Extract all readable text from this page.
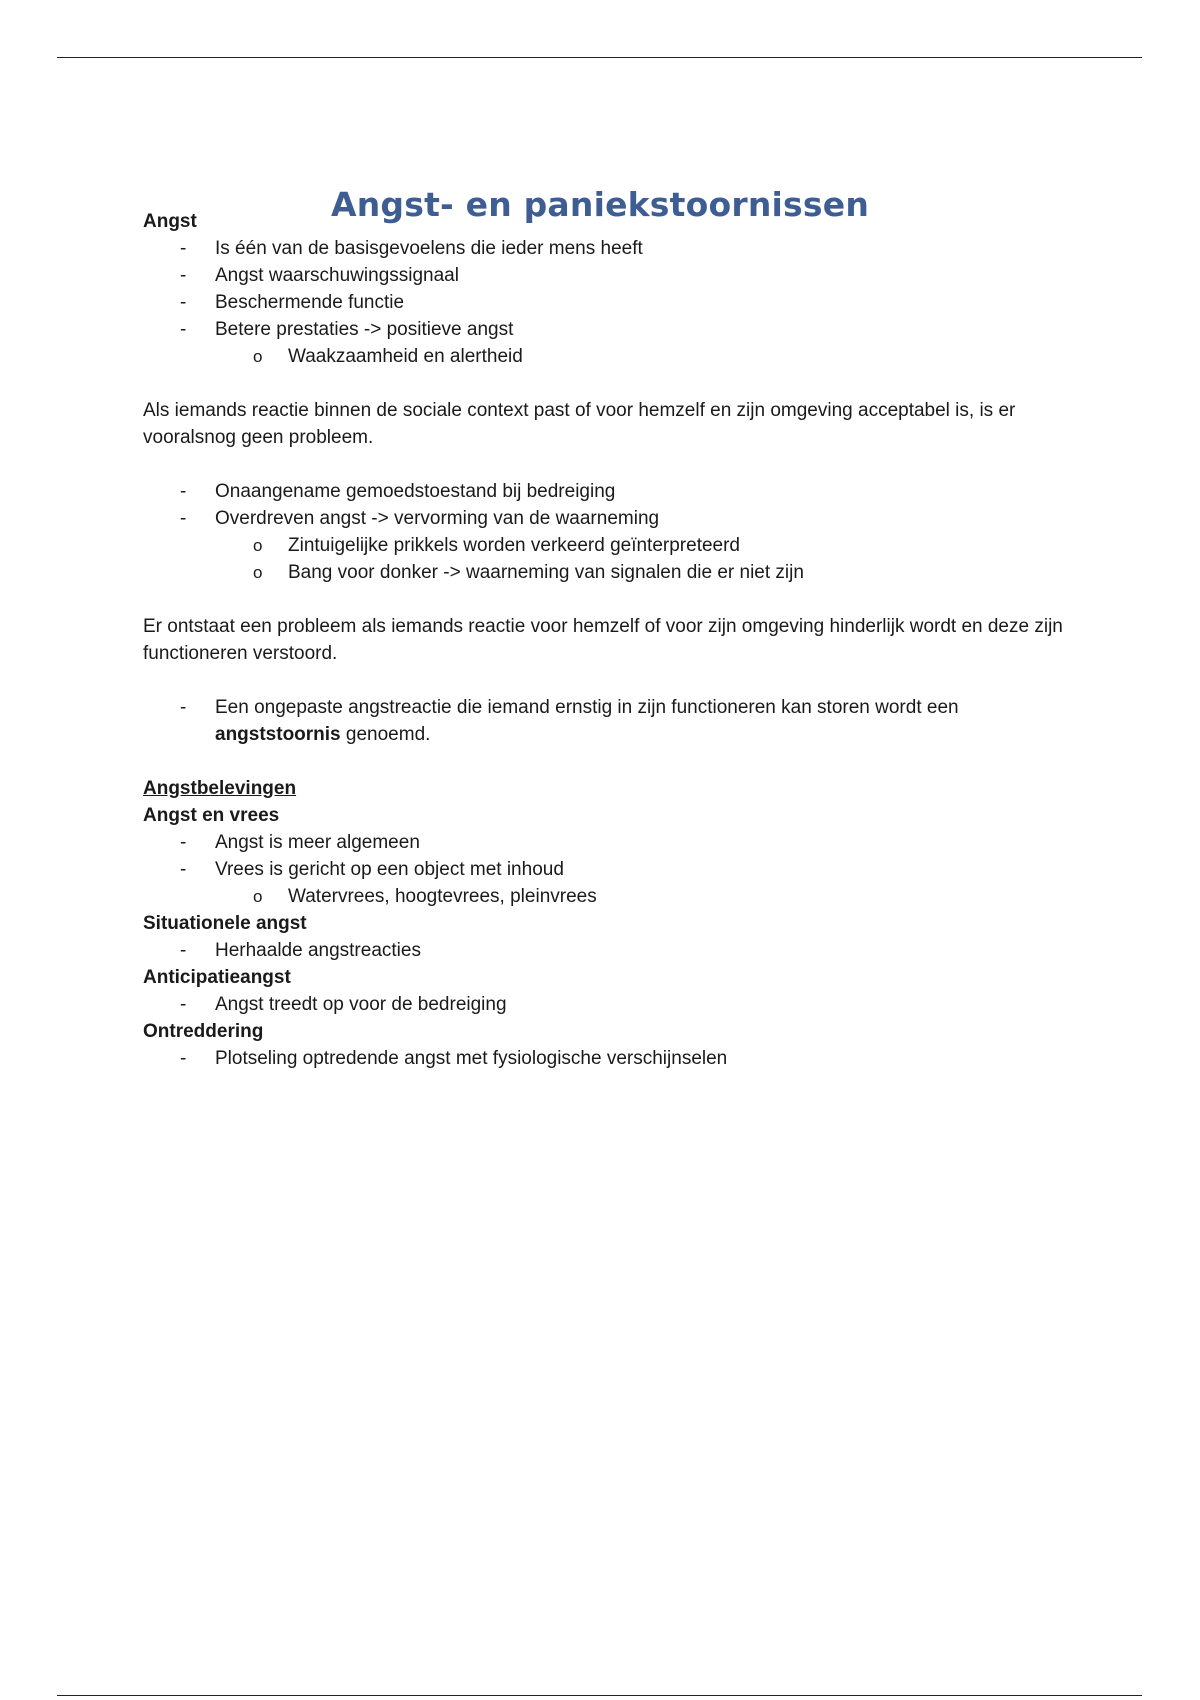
Angst- en paniekstoornissen

Angst

- Is één van de basisgevoelens die ieder mens heeft

- Angst waarschuwingssignaal

- Beschermende functie

- Betere prestaties -> positieve angst

o Waakzaamheid en alertheid

Als iemands reactie binnen de sociale context past of voor hemzelf en zijn omgeving acceptabel is, is er vooralsnog geen probleem.

- Onaangename gemoedstoestand bij bedreiging

- Overdreven angst -> vervorming van de waarneming

o Zintuigelijke prikkels worden verkeerd geïnterpreteerd

o Bang voor donker -> waarneming van signalen die er niet zijn

Er ontstaat een probleem als iemands reactie voor hemzelf of voor zijn omgeving hinderlijk wordt en deze zijn functioneren verstoord.

- Een ongepaste angstreactie die iemand ernstig in zijn functioneren kan storen wordt een angststoornis genoemd.

Angstbelevingen

Angst en vrees

- Angst is meer algemeen

- Vrees is gericht op een object met inhoud

o Watervrees, hoogtevrees, pleinvrees

Situationele angst

- Herhaalde angstreacties

Anticipatieangst

- Angst treedt op voor de bedreiging

Ontreddering

- Plotseling optredende angst met fysiologische verschijnselen
